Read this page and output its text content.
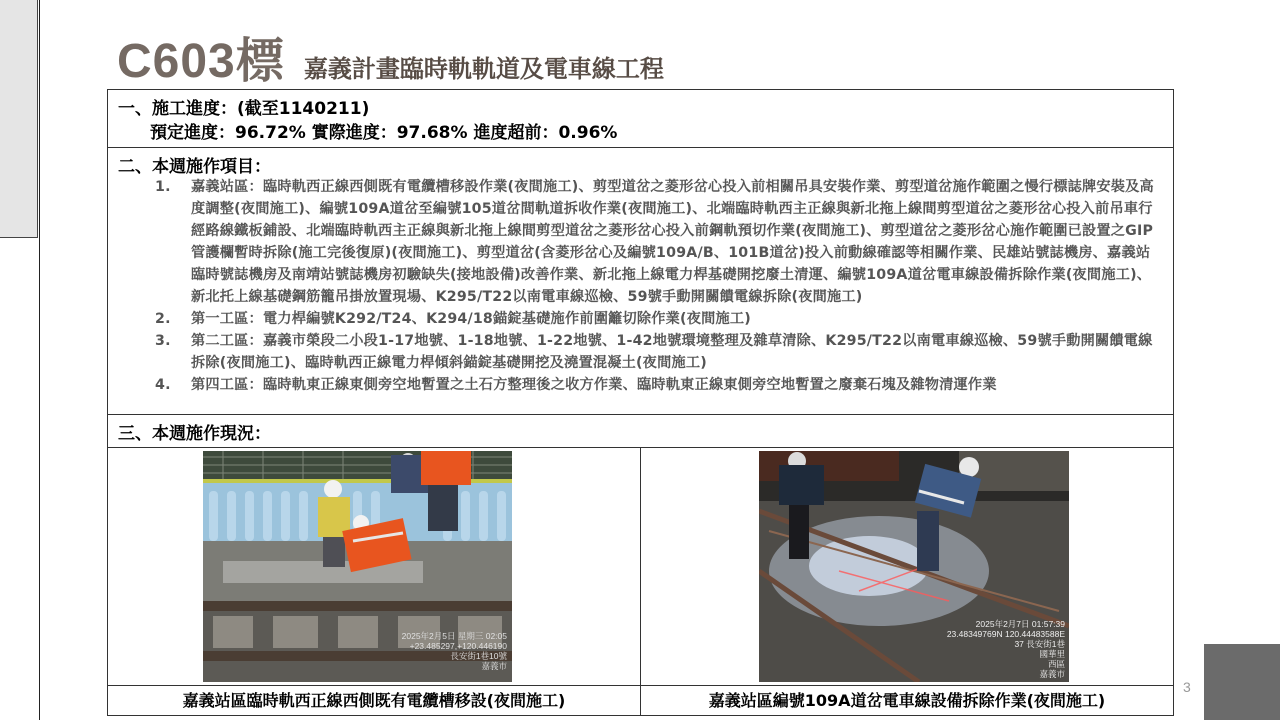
C603標 嘉義計畫臨時軌軌道及電車線工程
一、施工進度：(截至1140211)
預定進度：96.72% 實際進度：97.68% 進度超前：0.96%
二、本週施作項目：
1. 嘉義站區：臨時軌西正線西側既有電纜槽移設作業(夜間施工)、剪型道岔之菱形岔心投入前相關吊具安裝作業、剪型道岔施作範圍之慢行標誌牌安裝及高度調整(夜間施工)、編號109A道岔至編號105道岔間軌道拆收作業(夜間施工)、北端臨時軌西主正線與新北拖上線間剪型道岔之菱形岔心投入前吊車行經路線鐵板鋪設、北端臨時軌西主正線與新北拖上線間剪型道岔之菱形岔心投入前鋼軌預切作業(夜間施工)、剪型道岔之菱形岔心施作範圍已設置之GIP管護欄暫時拆除(施工完後復原)(夜間施工)、剪型道岔(含菱形岔心及編號109A/B、101B道岔)投入前動線確認等相關作業、民雄站號誌機房、嘉義站臨時號誌機房及南靖站號誌機房初驗缺失(接地設備)改善作業、新北拖上線電力桿基礎開挖廢土清運、編號109A道岔電車線設備拆除作業(夜間施工)、新北托上線基礎鋼筋籠吊掛放置現場、K295/T22以南電車線巡檢、59號手動開關饋電線拆除(夜間施工)
2. 第一工區：電力桿編號K292/T24、K294/18錨錠基礎施作前圍籬切除作業(夜間施工)
3. 第二工區：嘉義市榮段二小段1-17地號、1-18地號、1-22地號、1-42地號環境整理及雜草清除、K295/T22以南電車線巡檢、59號手動開關饋電線拆除(夜間施工)、臨時軌西正線電力桿傾斜錨錠基礎開挖及澆置混凝土(夜間施工)
4. 第四工區：臨時軌東正線東側旁空地暫置之土石方整理後之收方作業、臨時軌東正線東側旁空地暫置之廢棄石塊及雜物清運作業
三、本週施作現況：
2025年2月5日 星期三 02:05
+23.485297,+120.446190
長安街1巷10號
嘉義市
2025年2月7日 01:57:39
23.48349769N 120.44483588E
37 長安街1巷
國華里
西區
嘉義市
嘉義站區臨時軌西正線西側既有電纜槽移設(夜間施工)	嘉義站區編號109A道岔電車線設備拆除作業(夜間施工)
3
